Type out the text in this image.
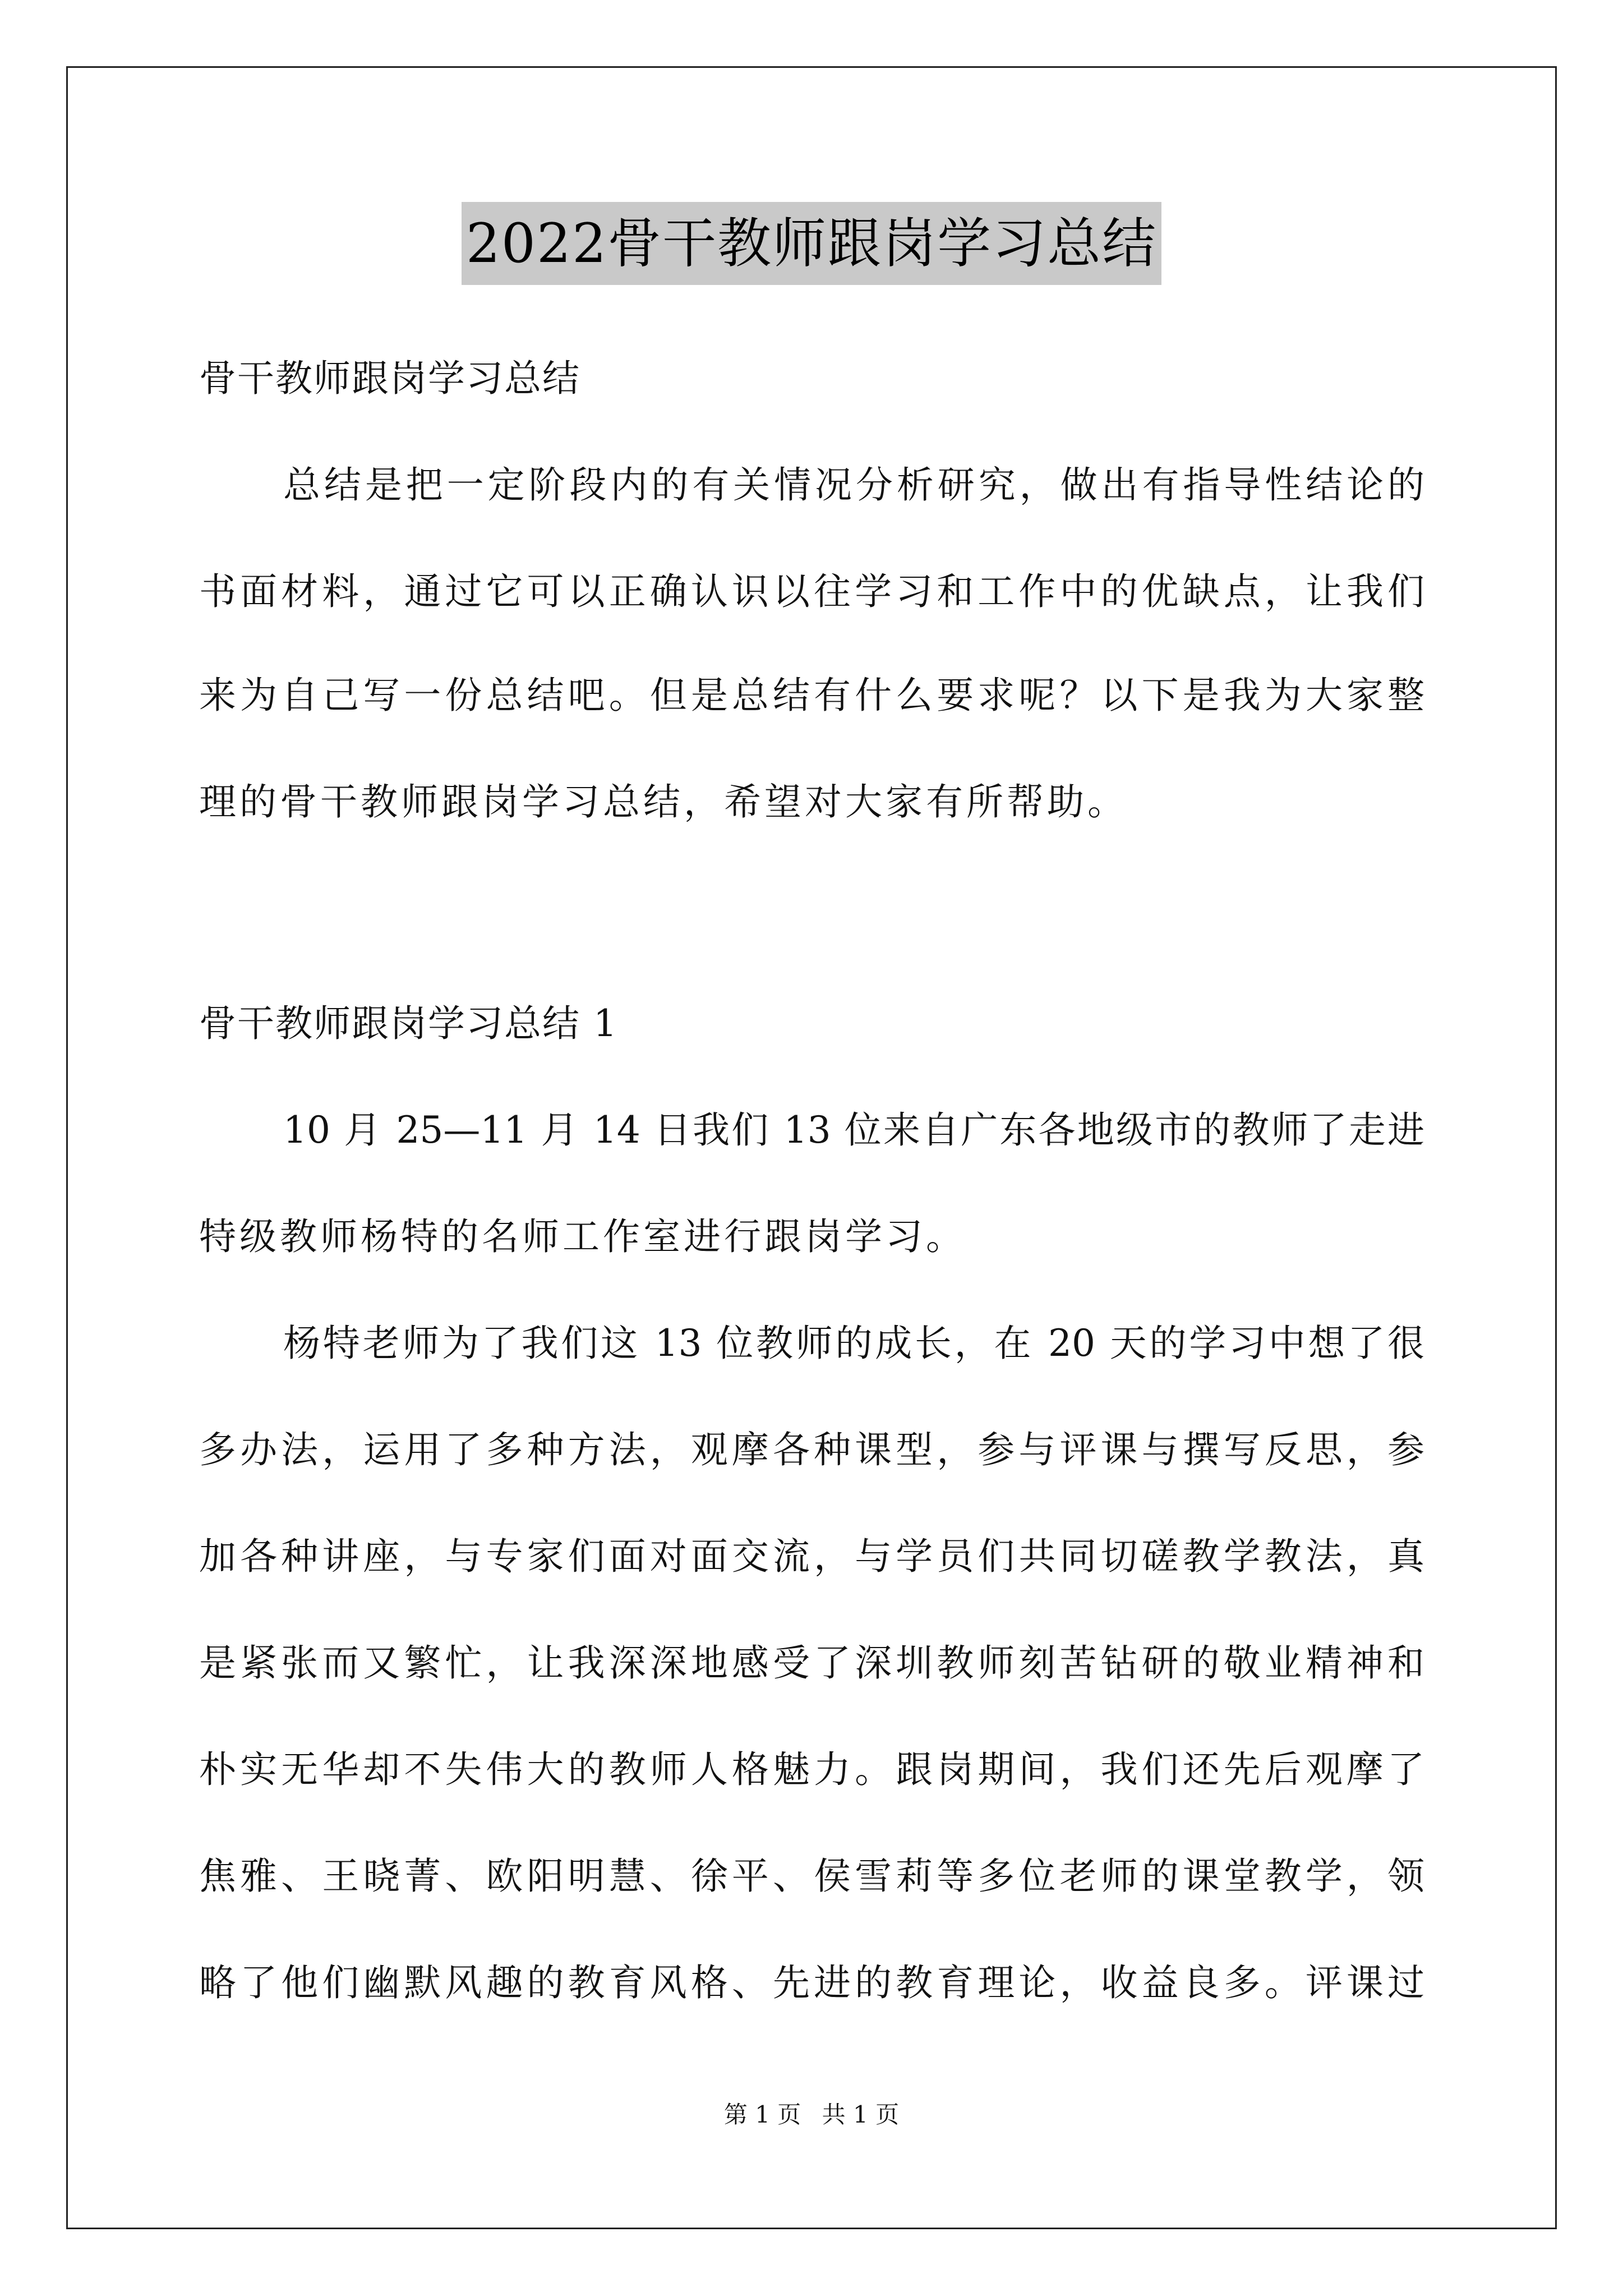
2022骨干教师跟岗学习总结
骨干教师跟岗学习总结
总结是把一定阶段内的有关情况分析研究，做出有指导性结论的
书面材料，通过它可以正确认识以往学习和工作中的优缺点，让我们
来为自己写一份总结吧。但是总结有什么要求呢？以下是我为大家整
理的骨干教师跟岗学习总结，希望对大家有所帮助。
骨干教师跟岗学习总结 1
10 月 25—11 月 14 日我们 13 位来自广东各地级市的教师了走进
特级教师杨特的名师工作室进行跟岗学习。
杨特老师为了我们这 13 位教师的成长，在 20 天的学习中想了很
多办法，运用了多种方法，观摩各种课型，参与评课与撰写反思，参
加各种讲座，与专家们面对面交流，与学员们共同切磋教学教法，真
是紧张而又繁忙，让我深深地感受了深圳教师刻苦钻研的敬业精神和
朴实无华却不失伟大的教师人格魅力。跟岗期间，我们还先后观摩了
焦雅、王晓菁、欧阳明慧、徐平、侯雪莉等多位老师的课堂教学，领
略了他们幽默风趣的教育风格、先进的教育理论，收益良多。评课过
第 1 页 共 1 页
